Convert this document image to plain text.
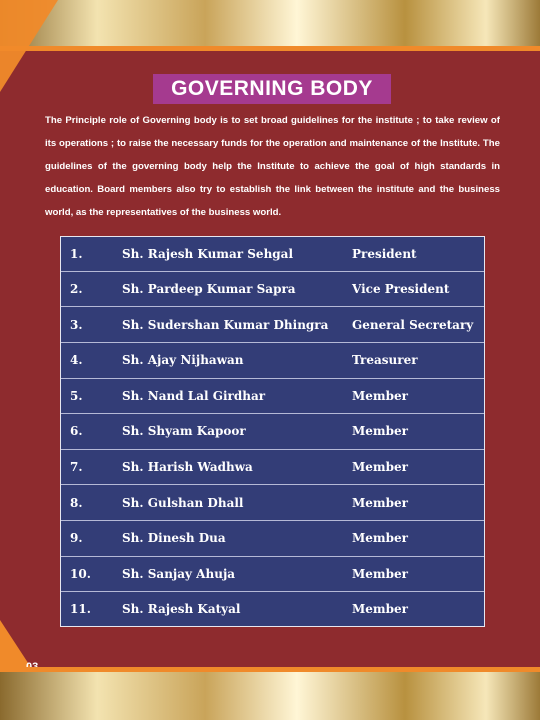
GOVERNING BODY

The Principle role of Governing body is to set broad guidelines for the institute ; to take review of its operations ; to raise the necessary funds for the operation and maintenance of the Institute. The guidelines of the governing body help the Institute to achieve the goal of high standards in education. Board members also try to establish the link between the institute and the business world, as the representatives of the business world.

1.	Sh. Rajesh Kumar Sehgal	President
2.	Sh. Pardeep Kumar Sapra	Vice President
3.	Sh. Sudershan Kumar Dhingra	General Secretary
4.	Sh. Ajay Nijhawan	Treasurer
5.	Sh. Nand Lal Girdhar	Member
6.	Sh. Shyam Kapoor	Member
7.	Sh. Harish Wadhwa	Member
8.	Sh. Gulshan Dhall	Member
9.	Sh. Dinesh Dua	Member
10.	Sh. Sanjay Ahuja	Member
11.	Sh. Rajesh Katyal	Member
